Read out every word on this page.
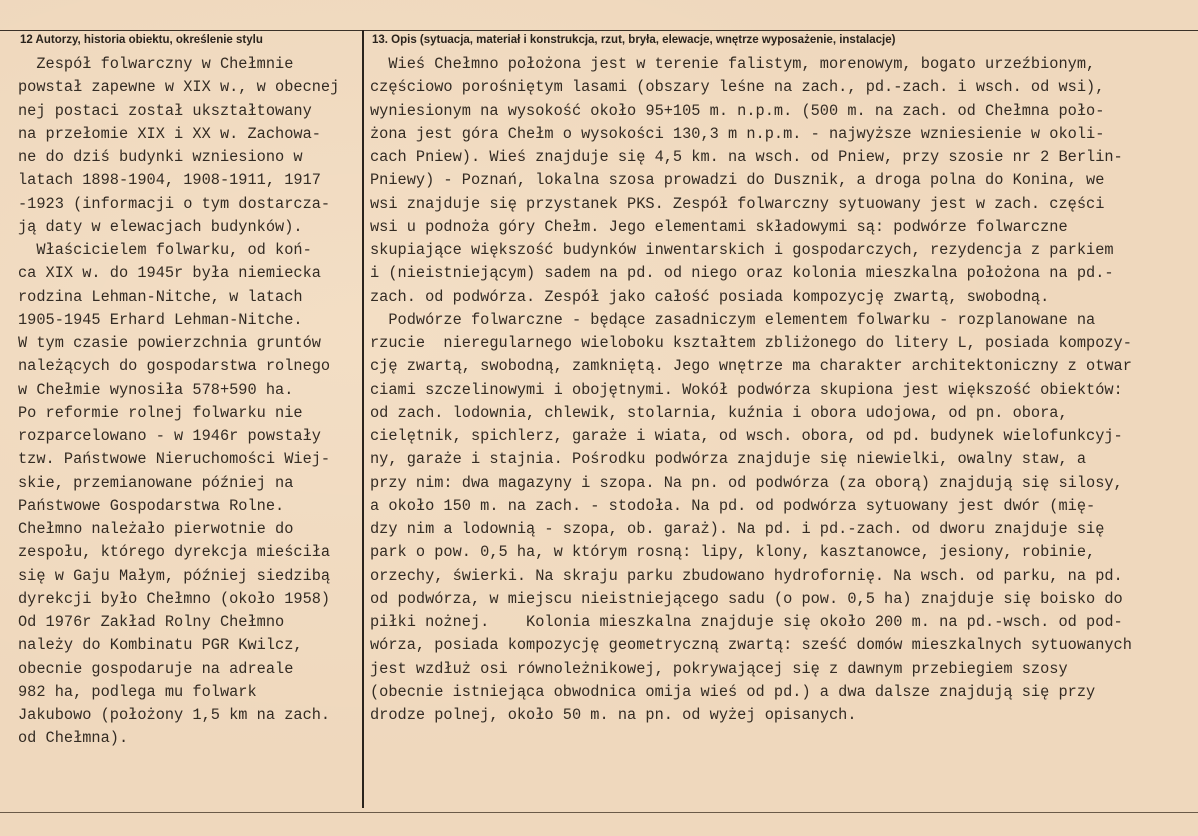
12 Autorzy, historia obiektu, określenie stylu	13. Opis (sytuacja, materiał i konstrukcja, rzut, bryła, elewacje, wnętrze wyposażenie, instalacje)
Zespół folwarczny w Chełmnie
powstał zapewne w XIX w., w obecnej
nej postaci został ukształtowany
na przełomie XIX i XX w. Zachowa-
ne do dziś budynki wzniesiono w
latach 1898-1904, 1908-1911, 1917
-1923 (informacji o tym dostarcza-
ją daty w elewacjach budynków).
Właścicielem folwarku, od koń-
ca XIX w. do 1945r była niemiecka
rodzina Lehman-Nitche, w latach
1905-1945 Erhard Lehman-Nitche.
W tym czasie powierzchnia gruntów
należących do gospodarstwa rolnego
w Chełmie wynosiła 578+590 ha.
Po reformie rolnej folwarku nie
rozparcelowano - w 1946r powstały
tzw. Państwowe Nieruchomości Wiej-
skie, przemianowane później na
Państwowe Gospodarstwa Rolne.
Chełmno należało pierwotnie do
zespołu, którego dyrekcja mieściła
się w Gaju Małym, później siedzibą
dyrekcji było Chełmno (około 1958)
Od 1976r Zakład Rolny Chełmno
należy do Kombinatu PGR Kwilcz,
obecnie gospodaruje na adreale
982 ha, podlega mu folwark
Jakubowo (położony 1,5 km na zach.
od Chełmna).
Wieś Chełmno położona jest w terenie falistym, morenowym, bogato urzeźbionym,
częściowo porośniętym lasami (obszary leśne na zach., pd.-zach. i wsch. od wsi),
wyniesionym na wysokość około 95+105 m. n.p.m. (500 m. na zach. od Chełmna poło-
żona jest góra Chełm o wysokości 130,3 m n.p.m. - najwyższe wzniesienie w okoli-
cach Pniew). Wieś znajduje się 4,5 km. na wsch. od Pniew, przy szosie nr 2 Berlin-
Pniewy) - Poznań, lokalna szosa prowadzi do Dusznik, a droga polna do Konina, we
wsi znajduje się przystanek PKS. Zespół folwarczny sytuowany jest w zach. części
wsi u podnoża góry Chełm. Jego elementami składowymi są: podwórze folwarczne
skupiające większość budynków inwentarskich i gospodarczych, rezydencja z parkiem
i (nieistniejącym) sadem na pd. od niego oraz kolonia mieszkalna położona na pd.-
zach. od podwórza. Zespół jako całość posiada kompozycję zwartą, swobodną.
Podwórze folwarczne - będące zasadniczym elementem folwarku - rozplanowane na
rzucie  nieregularnego wieloboku kształtem zbliżonego do litery L, posiada kompozy-
cję zwartą, swobodną, zamkniętą. Jego wnętrze ma charakter architektoniczny z otwar
ciami szczelinowymi i obojętnymi. Wokół podwórza skupiona jest większość obiektów:
od zach. lodownia, chlewik, stolarnia, kuźnia i obora udojowa, od pn. obora,
cielętnik, spichlerz, garaże i wiata, od wsch. obora, od pd. budynek wielofunkcyj-
ny, garaże i stajnia. Pośrodku podwórza znajduje się niewielki, owalny staw, a
przy nim: dwa magazyny i szopa. Na pn. od podwórza (za oborą) znajdują się silosy,
a około 150 m. na zach. - stodoła. Na pd. od podwórza sytuowany jest dwór (mię-
dzy nim a lodownią - szopa, ob. garaż). Na pd. i pd.-zach. od dworu znajduje się
park o pow. 0,5 ha, w którym rosną: lipy, klony, kasztanowce, jesiony, robinie,
orzechy, świerki. Na skraju parku zbudowano hydrofornię. Na wsch. od parku, na pd.
od podwórza, w miejscu nieistniejącego sadu (o pow. 0,5 ha) znajduje się boisko do
piłki nożnej.    Kolonia mieszkalna znajduje się około 200 m. na pd.-wsch. od pod-
wórza, posiada kompozycję geometryczną zwartą: sześć domów mieszkalnych sytuowanych
jest wzdłuż osi równoleżnikowej, pokrywającej się z dawnym przebiegiem szosy
(obecnie istniejąca obwodnica omija wieś od pd.) a dwa dalsze znajdują się przy
drodze polnej, około 50 m. na pn. od wyżej opisanych.
